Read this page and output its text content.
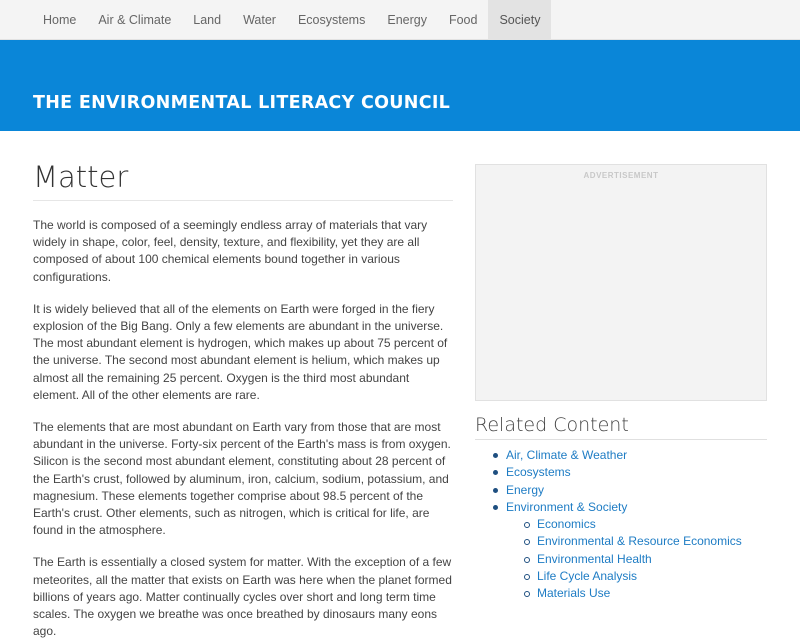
Home	Air & Climate	Land	Water	Ecosystems	Energy	Food	Society
THE ENVIRONMENTAL LITERACY COUNCIL
Matter

The world is composed of a seemingly endless array of materials that vary widely in shape, color, feel, density, texture, and flexibility, yet they are all composed of about 100 chemical elements bound together in various configurations.

It is widely believed that all of the elements on Earth were forged in the fiery explosion of the Big Bang. Only a few elements are abundant in the universe. The most abundant element is hydrogen, which makes up about 75 percent of the universe. The second most abundant element is helium, which makes up almost all the remaining 25 percent. Oxygen is the third most abundant element. All of the other elements are rare.

The elements that are most abundant on Earth vary from those that are most abundant in the universe. Forty-six percent of the Earth's mass is from oxygen. Silicon is the second most abundant element, constituting about 28 percent of the Earth's crust, followed by aluminum, iron, calcium, sodium, potassium, and magnesium. These elements together comprise about 98.5 percent of the Earth's crust. Other elements, such as nitrogen, which is critical for life, are found in the atmosphere.

The Earth is essentially a closed system for matter. With the exception of a few meteorites, all the matter that exists on Earth was here when the planet formed billions of years ago. Matter continually cycles over short and long term time scales. The oxygen we breathe was once breathed by dinosaurs many eons ago.

ADVERTISEMENT
Related Content
Air, Climate & Weather
Ecosystems
Energy
Environment & Society
Economics
Environmental & Resource Economics
Environmental Health
Life Cycle Analysis
Materials Use
